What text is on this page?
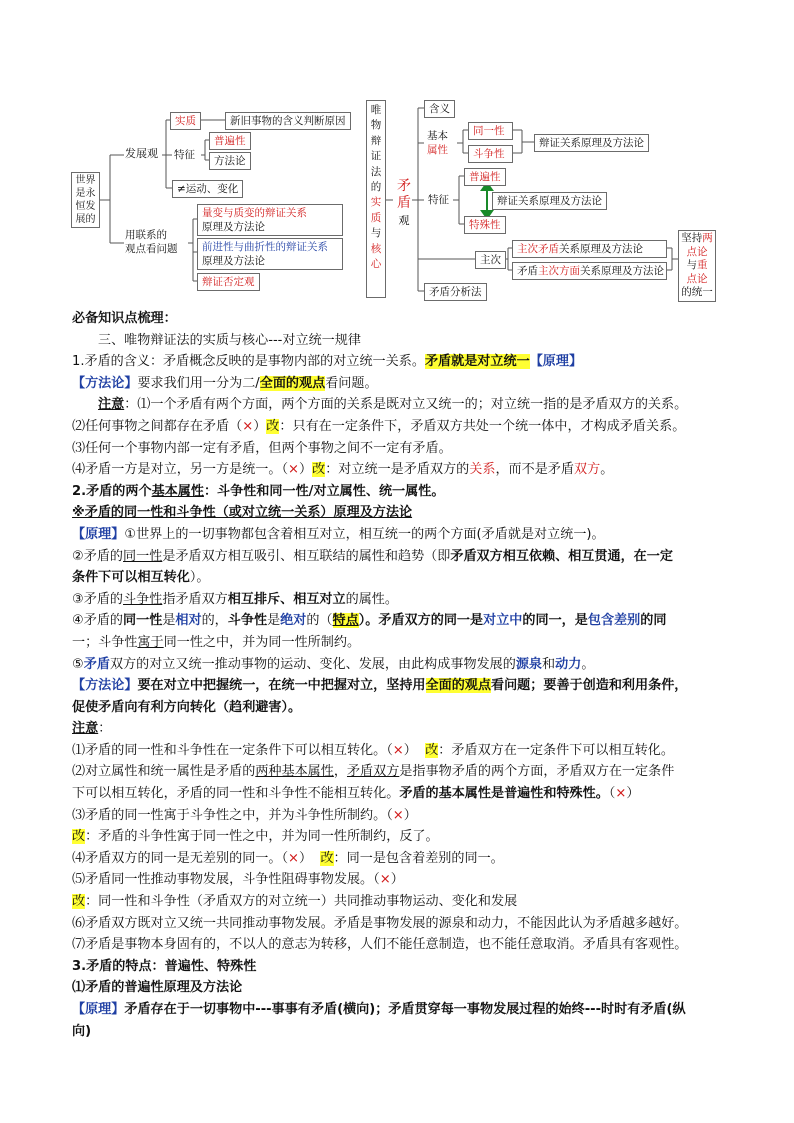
世界
是永
恒发
展的
发展观
实质	新旧事物的含义判断原因
特征
普遍性
方法论
≠运动、变化
用联系的
观点看问题
量变与质变的辩证关系
原理及方法论
前进性与曲折性的辩证关系
原理及方法论
辩证否定观
唯
物
辩
证
法
的
实
质
与
核
心
矛
盾
观
含义
基本
属性
同一性
斗争性
辩证关系原理及方法论
特征
普遍性
辩证关系原理及方法论
特殊性
主次
主次矛盾关系原理及方法论
矛盾主次方面关系原理及方法论
坚持两
点论
与重
点论
的统一
矛盾分析法
必备知识点梳理：
三、唯物辩证法的实质与核心---对立统一规律
1.矛盾的含义：矛盾概念反映的是事物内部的对立统一关系。矛盾就是对立统一【原理】
【方法论】要求我们用一分为二/全面的观点看问题。
注意：⑴一个矛盾有两个方面，两个方面的关系是既对立又统一的；对立统一指的是矛盾双方的关系。
⑵任何事物之间都存在矛盾（×）改：只有在一定条件下，矛盾双方共处一个统一体中，才构成矛盾关系。
⑶任何一个事物内部一定有矛盾，但两个事物之间不一定有矛盾。
⑷矛盾一方是对立，另一方是统一。（×）改：对立统一是矛盾双方的关系，而不是矛盾双方。
2.矛盾的两个基本属性：斗争性和同一性/对立属性、统一属性。
※矛盾的同一性和斗争性（或对立统一关系）原理及方法论
【原理】①世界上的一切事物都包含着相互对立，相互统一的两个方面(矛盾就是对立统一)。
②矛盾的同一性是矛盾双方相互吸引、相互联结的属性和趋势（即矛盾双方相互依赖、相互贯通，在一定
条件下可以相互转化）。
③矛盾的斗争性指矛盾双方相互排斥、相互对立的属性。
④矛盾的同一性是相对的，斗争性是绝对的（特点）。矛盾双方的同一是对立中的同一，是包含差别的同
一；斗争性寓于同一性之中，并为同一性所制约。
⑤矛盾双方的对立又统一推动事物的运动、变化、发展，由此构成事物发展的源泉和动力。
【方法论】要在对立中把握统一，在统一中把握对立，坚持用全面的观点看问题；要善于创造和利用条件，
促使矛盾向有利方向转化（趋利避害）。
注意：
⑴矛盾的同一性和斗争性在一定条件下可以相互转化。（×） 改：矛盾双方在一定条件下可以相互转化。
⑵对立属性和统一属性是矛盾的两种基本属性，矛盾双方是指事物矛盾的两个方面，矛盾双方在一定条件
下可以相互转化，矛盾的同一性和斗争性不能相互转化。矛盾的基本属性是普遍性和特殊性。（×）
⑶矛盾的同一性寓于斗争性之中，并为斗争性所制约。（×）
改：矛盾的斗争性寓于同一性之中，并为同一性所制约，反了。
⑷矛盾双方的同一是无差别的同一。（×） 改：同一是包含着差别的同一。
⑸矛盾同一性推动事物发展，斗争性阻碍事物发展。（×）
改：同一性和斗争性（矛盾双方的对立统一）共同推动事物运动、变化和发展
⑹矛盾双方既对立又统一共同推动事物发展。矛盾是事物发展的源泉和动力，不能因此认为矛盾越多越好。
⑺矛盾是事物本身固有的，不以人的意志为转移，人们不能任意制造，也不能任意取消。矛盾具有客观性。
3.矛盾的特点：普遍性、特殊性
⑴矛盾的普遍性原理及方法论
【原理】矛盾存在于一切事物中---事事有矛盾(横向)；矛盾贯穿每一事物发展过程的始终---时时有矛盾(纵
向)
